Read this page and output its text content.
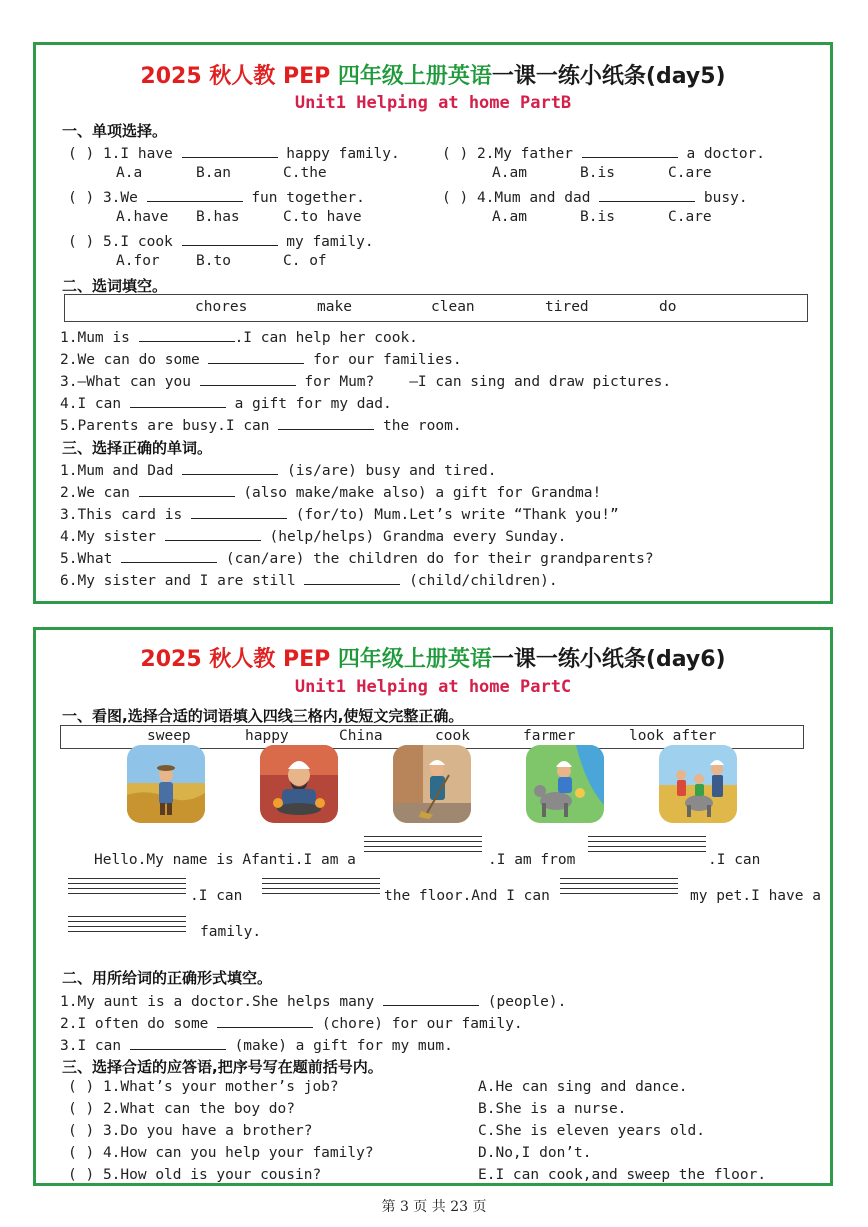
2025 秋人教 PEP 四年级上册英语一课一练小纸条(day5)
Unit1 Helping at home PartB
一、单项选择。
( ) 1.I have	happy family.
A.a	B.an	C.the
( ) 2.My father	a doctor.
A.am	B.is	C.are
( ) 3.We	fun together.
A.have B.has	C.to have
( ) 4.Mum and dad	busy.
A.am	B.is	C.are
( ) 5.I cook	my family.
A.for	B.to	C. of
二、选词填空。
chores	make	clean	tired	do
1.Mum is	.I can help her cook.
2.We can do some	for our families.
3.—What can you	for Mum? —I can sing and draw pictures.
4.I can	a gift for my dad.
5.Parents are busy.I can	the room.
三、选择正确的单词。
1.Mum and Dad	(is/are) busy and tired.
2.We can	(also make/make also) a gift for Grandma!
3.This card is	(for/to) Mum.Let’s write “Thank you!”
4.My sister	(help/helps) Grandma every Sunday.
5.What	(can/are) the children do for their grandparents?
6.My sister and I are still	(child/children).
2025 秋人教 PEP 四年级上册英语一课一练小纸条(day6)
Unit1 Helping at home PartC
一、看图,选择合适的词语填入四线三格内,使短文完整正确。
sweep	happy	China	cook	farmer	look after
Hello.My name is Afanti.I am a	.I am from	.I can
.I can	the floor.And I can	my pet.I have a
family.
二、用所给词的正确形式填空。
1.My aunt is a doctor.She helps many	(people).
2.I often do some	(chore) for our family.
3.I can	(make) a gift for my mum.
三、选择合适的应答语,把序号写在题前括号内。
( ) 1.What’s your mother’s job?	A.He can sing and dance.
( ) 2.What can the boy do?	B.She is a nurse.
( ) 3.Do you have a brother?	C.She is eleven years old.
( ) 4.How can you help your family?	D.No,I don’t.
( ) 5.How old is your cousin?	E.I can cook,and sweep the floor.
第 3 页 共 23 页
